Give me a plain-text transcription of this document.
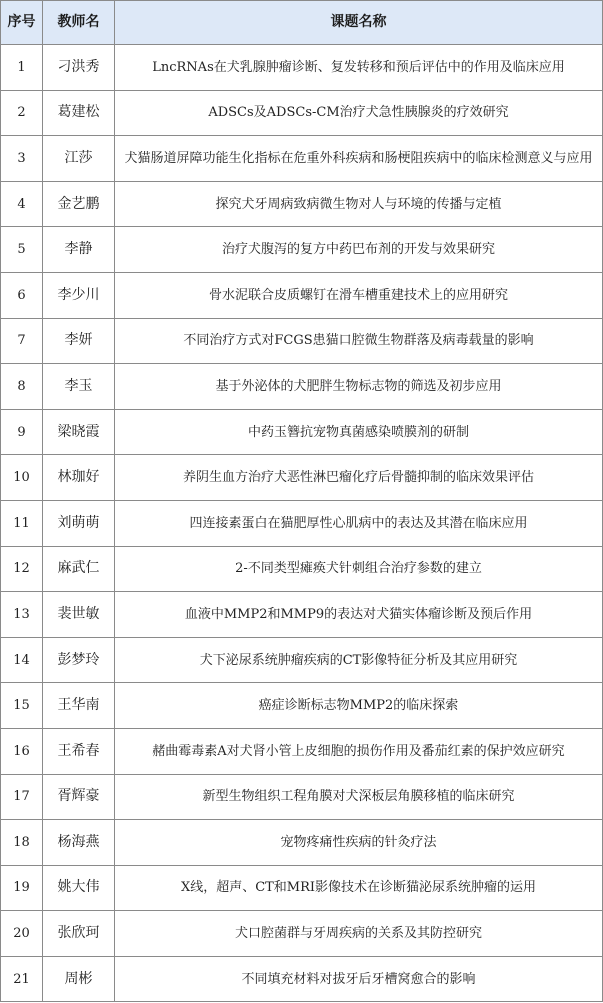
序号	教师名	课题名称
1	刁洪秀	LncRNAs在犬乳腺肿瘤诊断、复发转移和预后评估中的作用及临床应用
2	葛建松	ADSCs及ADSCs-CM治疗犬急性胰腺炎的疗效研究
3	江莎	犬猫肠道屏障功能生化指标在危重外科疾病和肠梗阻疾病中的临床检测意义与应用
4	金艺鹏	探究犬牙周病致病微生物对人与环境的传播与定植
5	李静	治疗犬腹泻的复方中药巴布剂的开发与效果研究
6	李少川	骨水泥联合皮质螺钉在滑车槽重建技术上的应用研究
7	李妍	不同治疗方式对FCGS患猫口腔微生物群落及病毒载量的影响
8	李玉	基于外泌体的犬肥胖生物标志物的筛选及初步应用
9	梁晓霞	中药玉簪抗宠物真菌感染喷膜剂的研制
10	林珈好	养阴生血方治疗犬恶性淋巴瘤化疗后骨髓抑制的临床效果评估
11	刘萌萌	四连接素蛋白在猫肥厚性心肌病中的表达及其潜在临床应用
12	麻武仁	2-不同类型瘫痪犬针刺组合治疗参数的建立
13	裴世敏	血液中MMP2和MMP9的表达对犬猫实体瘤诊断及预后作用
14	彭梦玲	犬下泌尿系统肿瘤疾病的CT影像特征分析及其应用研究
15	王华南	癌症诊断标志物MMP2的临床探索
16	王希春	赭曲霉毒素A对犬肾小管上皮细胞的损伤作用及番茄红素的保护效应研究
17	胥辉豪	新型生物组织工程角膜对犬深板层角膜移植的临床研究
18	杨海燕	宠物疼痛性疾病的针灸疗法
19	姚大伟	X线，超声、CT和MRI影像技术在诊断猫泌尿系统肿瘤的运用
20	张欣珂	犬口腔菌群与牙周疾病的关系及其防控研究
21	周彬	不同填充材料对拔牙后牙槽窝愈合的影响
